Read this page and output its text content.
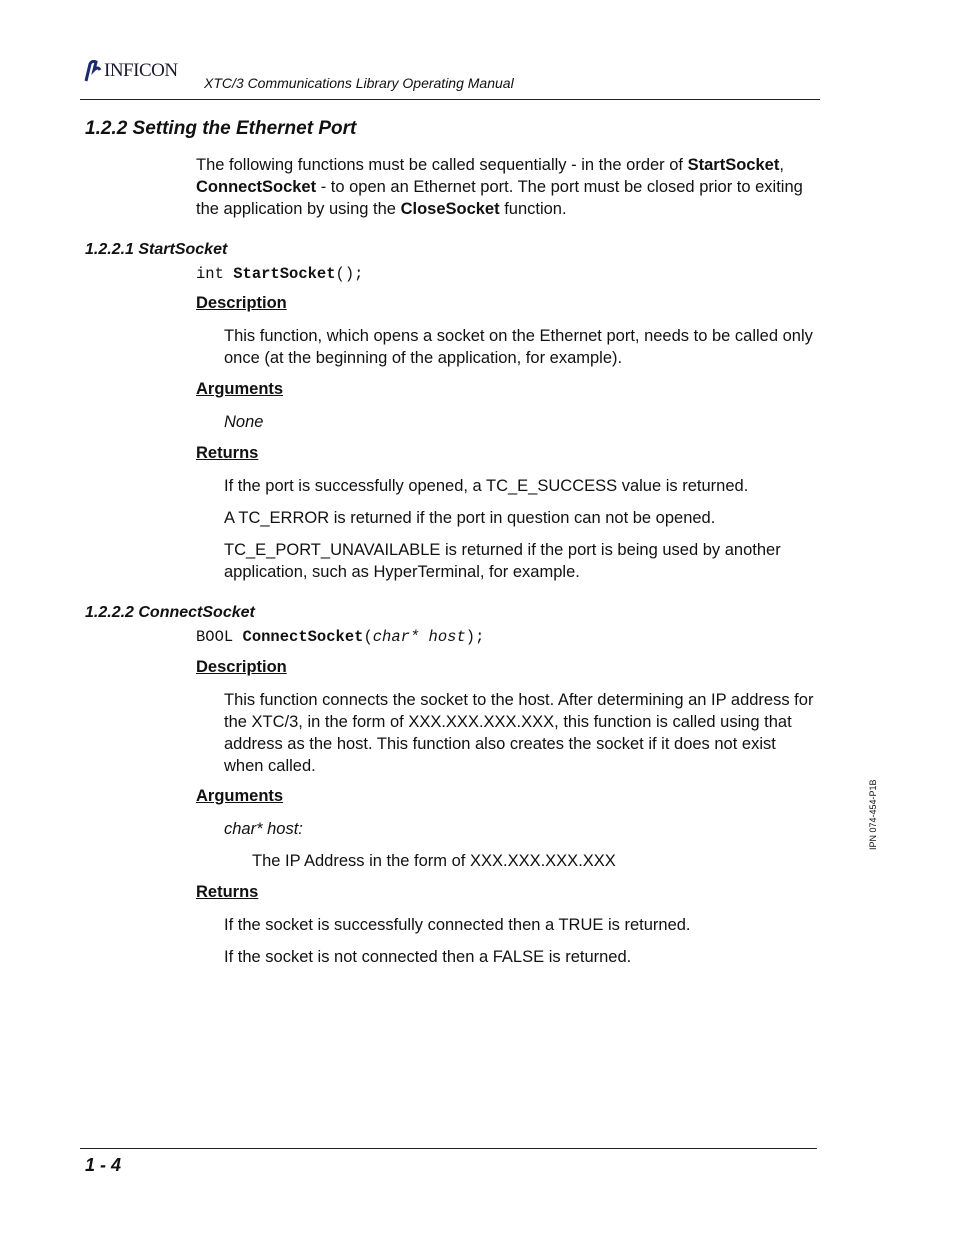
INFICON
XTC/3 Communications Library Operating Manual
1.2.2 Setting the Ethernet Port
The following functions must be called sequentially - in the order of StartSocket, ConnectSocket - to open an Ethernet port. The port must be closed prior to exiting the application by using the CloseSocket function.
1.2.2.1 StartSocket
int StartSocket();
Description
This function, which opens a socket on the Ethernet port, needs to be called only once (at the beginning of the application, for example).
Arguments
None
Returns
If the port is successfully opened, a TC_E_SUCCESS value is returned.
A TC_ERROR is returned if the port in question can not be opened.
TC_E_PORT_UNAVAILABLE is returned if the port is being used by another application, such as HyperTerminal, for example.
1.2.2.2 ConnectSocket
BOOL ConnectSocket(char* host);
Description
This function connects the socket to the host. After determining an IP address for the XTC/3, in the form of XXX.XXX.XXX.XXX, this function is called using that address as the host. This function also creates the socket if it does not exist when called.
Arguments
char* host:
The IP Address in the form of XXX.XXX.XXX.XXX
Returns
If the socket is successfully connected then a TRUE is returned.
If the socket is not connected then a FALSE is returned.
IPN 074-454-P1B
1 - 4
